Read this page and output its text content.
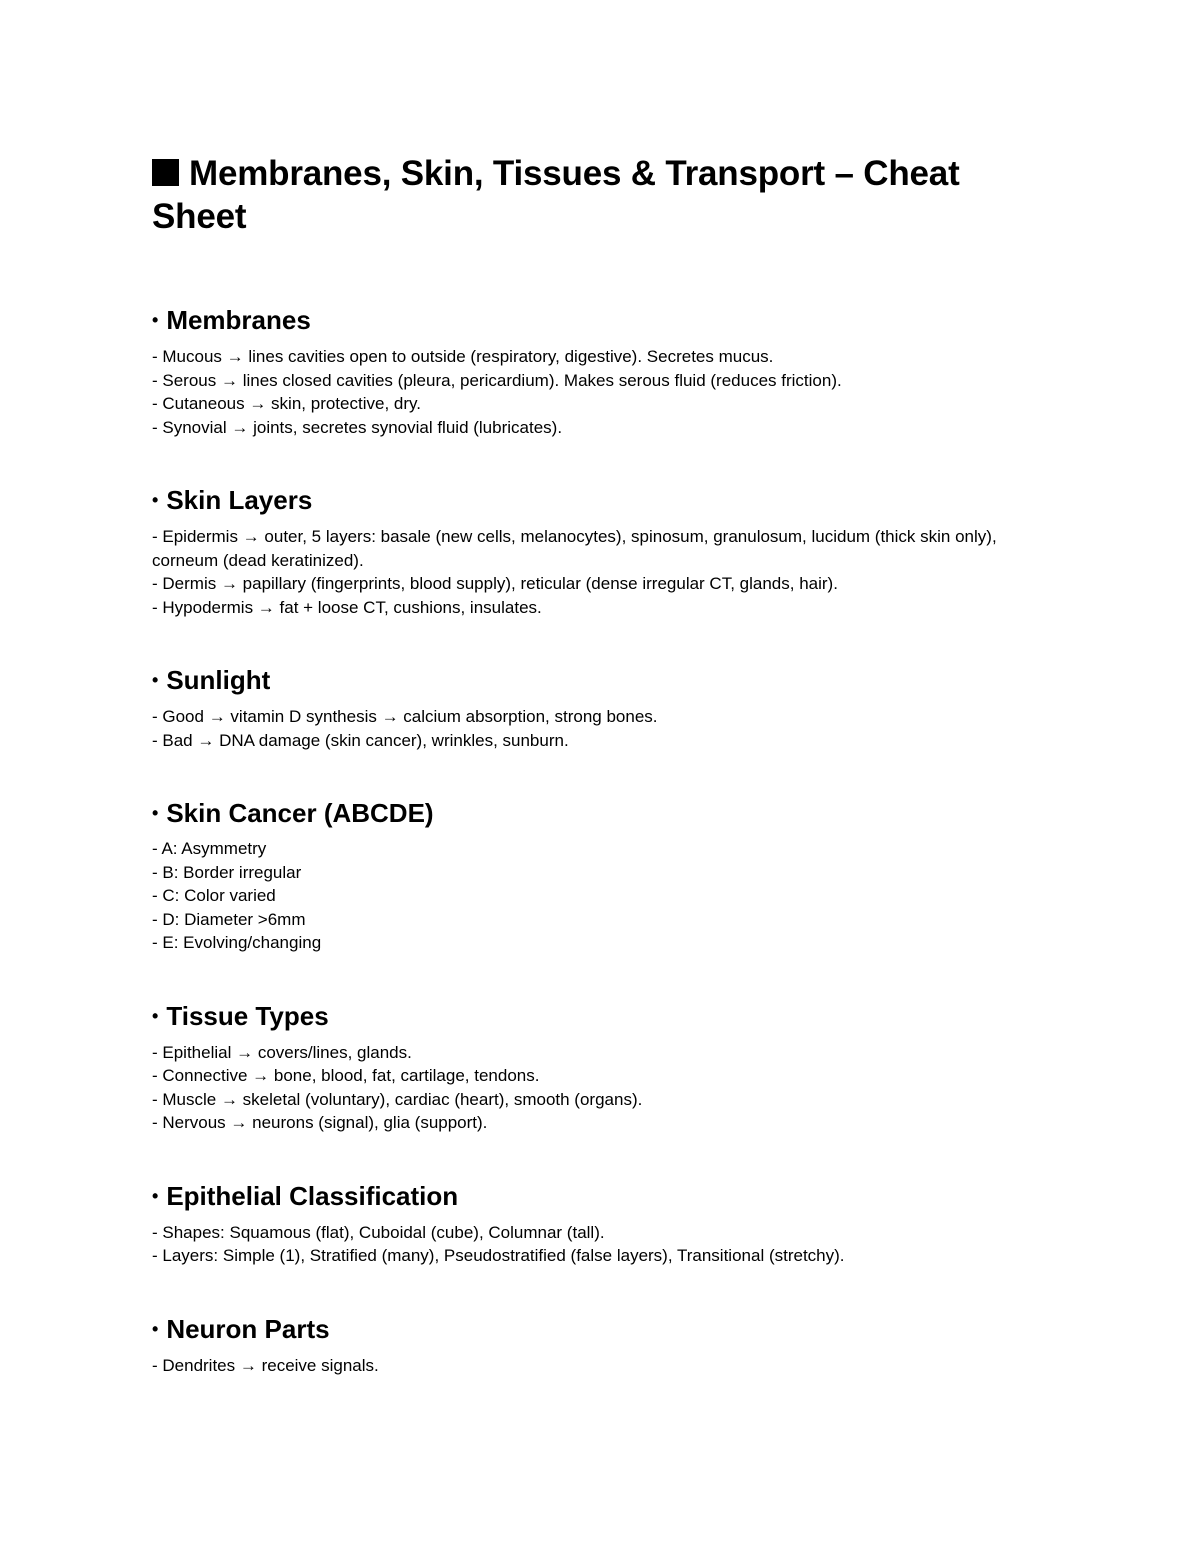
Membranes, Skin, Tissues & Transport – Cheat Sheet
• Membranes
- Mucous → lines cavities open to outside (respiratory, digestive). Secretes mucus.
- Serous → lines closed cavities (pleura, pericardium). Makes serous fluid (reduces friction).
- Cutaneous → skin, protective, dry.
- Synovial → joints, secretes synovial fluid (lubricates).
• Skin Layers
- Epidermis → outer, 5 layers: basale (new cells, melanocytes), spinosum, granulosum, lucidum (thick skin only), corneum (dead keratinized).
- Dermis → papillary (fingerprints, blood supply), reticular (dense irregular CT, glands, hair).
- Hypodermis → fat + loose CT, cushions, insulates.
• Sunlight
- Good → vitamin D synthesis → calcium absorption, strong bones.
- Bad → DNA damage (skin cancer), wrinkles, sunburn.
• Skin Cancer (ABCDE)
- A: Asymmetry
- B: Border irregular
- C: Color varied
- D: Diameter >6mm
- E: Evolving/changing
• Tissue Types
- Epithelial → covers/lines, glands.
- Connective → bone, blood, fat, cartilage, tendons.
- Muscle → skeletal (voluntary), cardiac (heart), smooth (organs).
- Nervous → neurons (signal), glia (support).
• Epithelial Classification
- Shapes: Squamous (flat), Cuboidal (cube), Columnar (tall).
- Layers: Simple (1), Stratified (many), Pseudostratified (false layers), Transitional (stretchy).
• Neuron Parts
- Dendrites → receive signals.
